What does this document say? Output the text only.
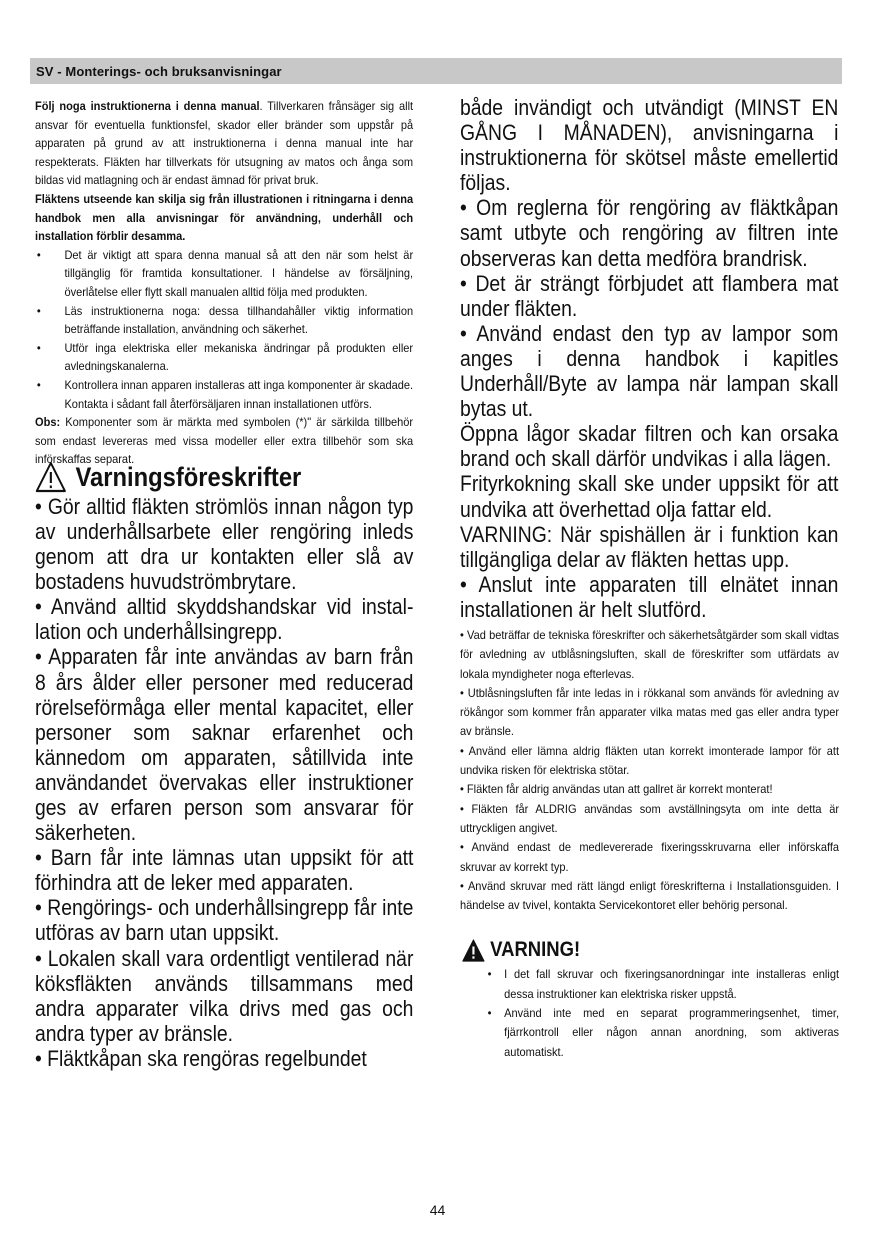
SV - Monterings- och bruksanvisningar

Följ noga instruktionerna i denna manual. Tillverkaren frånsäger sig allt ansvar för eventuella funktionsfel, skador eller bränder som uppstår på apparaten på grund av att instruktionerna i denna manual inte har respekterats. Fläkten har tillverkats för utsugning av matos och ånga som bildas vid matlagning och är endast ämnad för privat bruk.

Fläktens utseende kan skilja sig från illustrationen i ritningarna i denna handbok men alla anvisningar för användning, underhåll och installation förblir desamma.

• Det är viktigt att spara denna manual så att den när som helst är tillgänglig för framtida konsultationer. I händelse av försäljning, överlåtelse eller flytt skall manualen alltid följa med produkten.
• Läs instruktionerna noga: dessa tillhandahåller viktig information beträffande installation, användning och säkerhet.
• Utför inga elektriska eller mekaniska ändringar på produkten eller avledningskanalerna.
• Kontrollera innan apparen installeras att inga komponenter är skadade. Kontakta i sådant fall återförsäljaren innan installationen utförs.

Obs: Komponenter som är märkta med symbolen (*)" är särkilda tillbehör som endast levereras med vissa modeller eller extra tillbehör som ska införskaffas separat.

Varningsföreskrifter

• Gör alltid fläkten strömlös innan någon typ av underhållsarbete eller rengöring inleds genom att dra ur kontakten eller slå av bostadens huvudströmbrytare.

• Använd alltid skyddshandskar vid instal-lation och underhållsingrepp.

• Apparaten får inte användas av barn från 8 års ålder eller personer med reducerad rörelseförmåga eller mental kapacitet, eller personer som saknar erfarenhet och kännedom om apparaten, såtillvida inte användandet övervakas eller instruktioner ges av erfaren person som ansvarar för säkerheten.

• Barn får inte lämnas utan uppsikt för att förhindra att de leker med apparaten.

• Rengörings- och underhållsingrepp får inte utföras av barn utan uppsikt.

• Lokalen skall vara ordentligt ventilerad när köksfläkten används tillsammans med andra apparater vilka drivs med gas och andra typer av bränsle.

• Fläktkåpan ska rengöras regelbundet

både invändigt och utvändigt (MINST EN GÅNG I MÅNADEN), anvisningarna i instruktionerna för skötsel måste emellertid följas.

• Om reglerna för rengöring av fläktkåpan samt utbyte och rengöring av filtren inte observeras kan detta medföra brandrisk.

• Det är strängt förbjudet att flambera mat under fläkten.

• Använd endast den typ av lampor som anges i denna handbok i kapitles Underhåll/Byte av lampa när lampan skall bytas ut.

Öppna lågor skadar filtren och kan orsaka brand och skall därför undvikas i alla lägen.

Frityrkokning skall ske under uppsikt för att undvika att överhettad olja fattar eld.

VARNING: När spishällen är i funktion kan tillgängliga delar av fläkten hettas upp.

• Anslut inte apparaten till elnätet innan installationen är helt slutförd.

• Vad beträffar de tekniska föreskrifter och säkerhetsåtgärder som skall vidtas för avledning av utblåsningsluften, skall de föreskrifter som utfärdats av lokala myndigheter noga efterlevas.

• Utblåsningsluften får inte ledas in i rökkanal som används för avledning av rökångor som kommer från apparater vilka matas med gas eller andra typer av bränsle.

• Använd eller lämna aldrig fläkten utan korrekt imonterade lampor för att undvika risken för elektriska stötar.

• Fläkten får aldrig användas utan att gallret är korrekt monterat!

• Fläkten får ALDRIG användas som avställningsyta om inte detta är uttryckligen angivet.

• Använd endast de medlevererade fixeringsskruvarna eller införskaffa skruvar av korrekt typ.

• Använd skruvar med rätt längd enligt föreskrifterna i Installationsguiden. I händelse av tvivel, kontakta Servicekontoret eller behörig personal.

VARNING!
• I det fall skruvar och fixeringsanordningar inte installeras enligt dessa instruktioner kan elektriska risker uppstå.
• Använd inte med en separat programmeringsenhet, timer, fjärrkontroll eller någon annan anordning, som aktiveras automatiskt.
44
